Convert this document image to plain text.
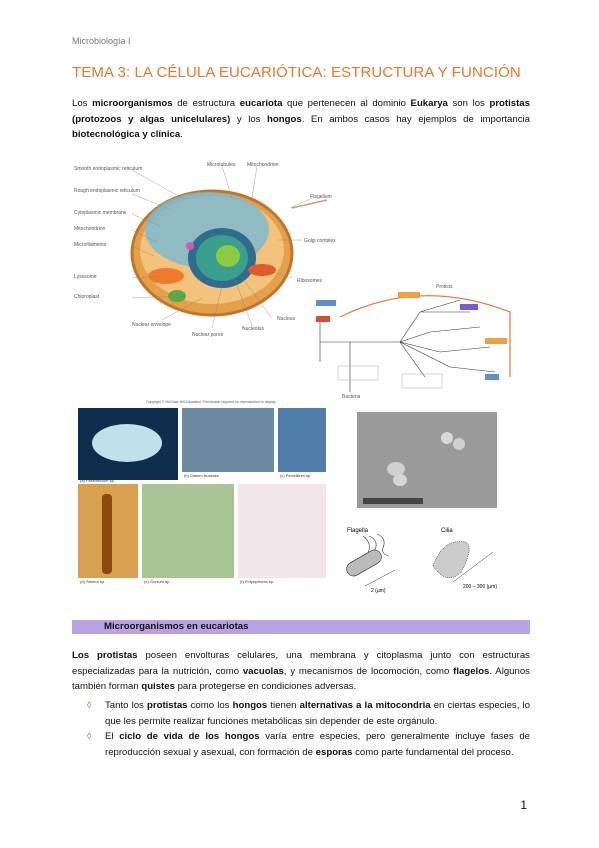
Microbiología I
TEMA 3: LA CÉLULA EUCARIÓTICA: ESTRUCTURA Y FUNCIÓN
Los microorganismos de estructura eucariota que pertenecen al dominio Eukarya son los protistas (protozoos y algas unicelulares) y los hongos. En ambos casos hay ejemplos de importancia biotecnológica y clínica.
Smooth endoplasmic reticulum
Rough endoplasmic reticulum
Cytoplasmic membrane
Mitochondrion
Microfilaments
Lysosome
Chloroplast
Nuclear envelope
Nuclear pores
Nucleolus
Nucleus
Ribosomes
Flagellum
Microtubules Mitochondrion
Golgi complex
Bacteria
Protists
Copyright © McGraw-Hill Education. Permission required for reproduction or display.
(a) Paramecium sp.
(b) Diatom frustules	(c) Penicillium sp.
(d) Stentor sp.	(e) Gonium sp.	(f) Polysiphonia sp.
Flagella
2 (µm)
Cilia
200 – 300 (µm)
Microorganismos en eucariotas
Los protistas poseen envolturas celulares, una membrana y citoplasma junto con estructuras especializadas para la nutrición, como vacuolas, y mecanismos de locomoción, como flagelos. Algunos también forman quistes para protegerse en condiciones adversas.
◊ Tanto los protistas como los hongos tienen alternativas a la mitocondria en ciertas especies, lo que les permite realizar funciones metabólicas sin depender de este orgánulo.
◊ El ciclo de vida de los hongos varía entre especies, pero generalmente incluye fases de reproducción sexual y asexual, con formación de esporas como parte fundamental del proceso.
1
